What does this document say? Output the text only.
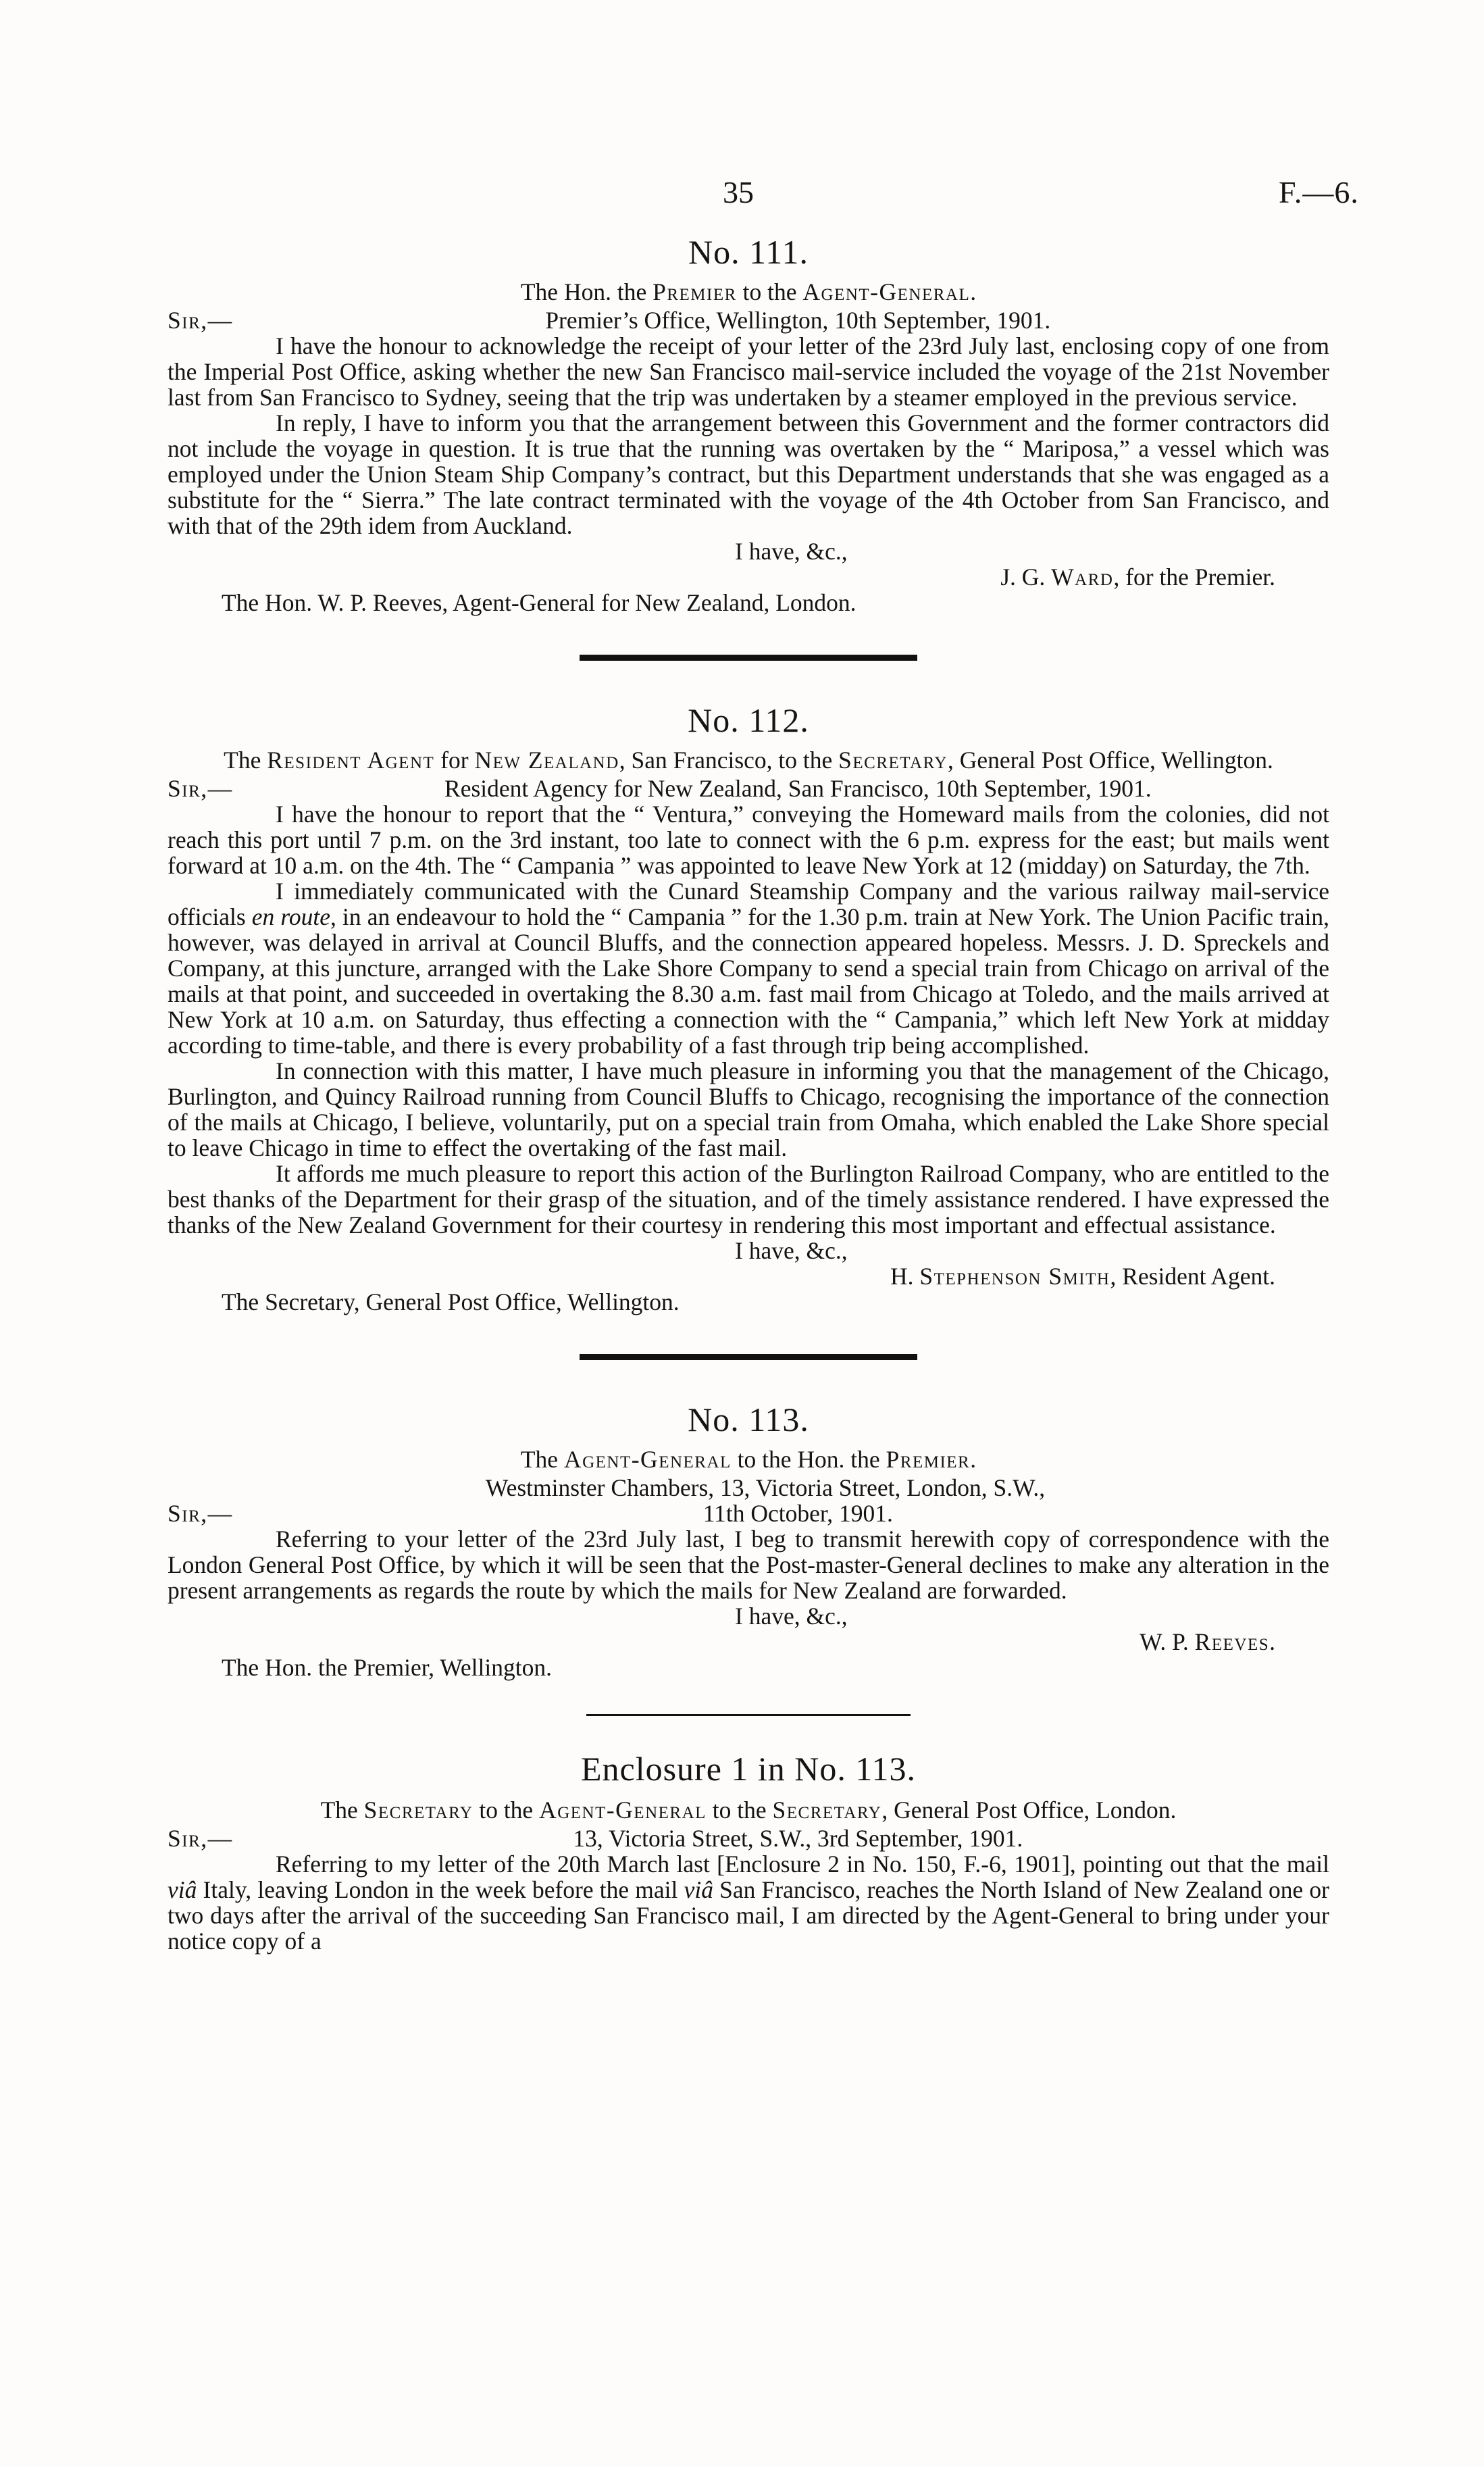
35	F.—6.
No. 111.
The Hon. the Premier to the Agent-General.
Sir,—	Premier’s Office, Wellington, 10th September, 1901.

I have the honour to acknowledge the receipt of your letter of the 23rd July last, enclosing copy of one from the Imperial Post Office, asking whether the new San Francisco mail-service included the voyage of the 21st November last from San Francisco to Sydney, seeing that the trip was undertaken by a steamer employed in the previous service.

In reply, I have to inform you that the arrangement between this Government and the former contractors did not include the voyage in question. It is true that the running was overtaken by the “ Mariposa,” a vessel which was employed under the Union Steam Ship Company’s contract, but this Department understands that she was engaged as a substitute for the “ Sierra.” The late contract terminated with the voyage of the 4th October from San Francisco, and with that of the 29th idem from Auckland.

I have, &c.,
J. G. Ward, for the Premier.

The Hon. W. P. Reeves, Agent-General for New Zealand, London.

No. 112.
The Resident Agent for New Zealand, San Francisco, to the Secretary, General Post Office, Wellington.
Sir,—	Resident Agency for New Zealand, San Francisco, 10th September, 1901.

I have the honour to report that the “ Ventura,” conveying the Homeward mails from the colonies, did not reach this port until 7 p.m. on the 3rd instant, too late to connect with the 6 p.m. express for the east; but mails went forward at 10 a.m. on the 4th. The “ Campania ” was appointed to leave New York at 12 (midday) on Saturday, the 7th.

I immediately communicated with the Cunard Steamship Company and the various railway mail-service officials en route, in an endeavour to hold the “ Campania ” for the 1.30 p.m. train at New York. The Union Pacific train, however, was delayed in arrival at Council Bluffs, and the connection appeared hopeless. Messrs. J. D. Spreckels and Company, at this juncture, arranged with the Lake Shore Company to send a special train from Chicago on arrival of the mails at that point, and succeeded in overtaking the 8.30 a.m. fast mail from Chicago at Toledo, and the mails arrived at New York at 10 a.m. on Saturday, thus effecting a connection with the “ Campania,” which left New York at midday according to time-table, and there is every probability of a fast through trip being accomplished.

In connection with this matter, I have much pleasure in informing you that the management of the Chicago, Burlington, and Quincy Railroad running from Council Bluffs to Chicago, recognising the importance of the connection of the mails at Chicago, I believe, voluntarily, put on a special train from Omaha, which enabled the Lake Shore special to leave Chicago in time to effect the overtaking of the fast mail.

It affords me much pleasure to report this action of the Burlington Railroad Company, who are entitled to the best thanks of the Department for their grasp of the situation, and of the timely assistance rendered. I have expressed the thanks of the New Zealand Government for their courtesy in rendering this most important and effectual assistance.

I have, &c.,
H. Stephenson Smith, Resident Agent.

The Secretary, General Post Office, Wellington.

No. 113.
The Agent-General to the Hon. the Premier.
Westminster Chambers, 13, Victoria Street, London, S.W.,
Sir,—	11th October, 1901.

Referring to your letter of the 23rd July last, I beg to transmit herewith copy of correspondence with the London General Post Office, by which it will be seen that the Post-master-General declines to make any alteration in the present arrangements as regards the route by which the mails for New Zealand are forwarded.

I have, &c.,
W. P. Reeves.

The Hon. the Premier, Wellington.

Enclosure 1 in No. 113.
The Secretary to the Agent-General to the Secretary, General Post Office, London.
Sir,—	13, Victoria Street, S.W., 3rd September, 1901.

Referring to my letter of the 20th March last [Enclosure 2 in No. 150, F.-6, 1901], pointing out that the mail viâ Italy, leaving London in the week before the mail viâ San Francisco, reaches the North Island of New Zealand one or two days after the arrival of the succeeding San Francisco mail, I am directed by the Agent-General to bring under your notice copy of a
